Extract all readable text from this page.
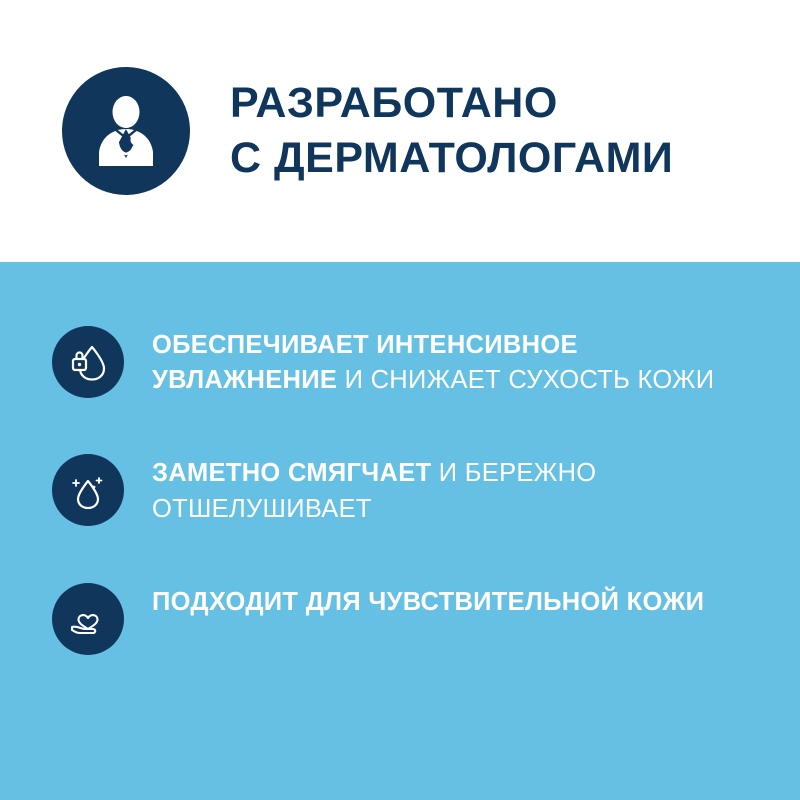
РАЗРАБОТАНО
С ДЕРМАТОЛОГАМИ
ОБЕСПЕЧИВАЕТ ИНТЕНСИВНОЕ УВЛАЖНЕНИЕ И СНИЖАЕТ СУХОСТЬ КОЖИ
ЗАМЕТНО СМЯГЧАЕТ И БЕРЕЖНО ОТШЕЛУШИВАЕТ
ПОДХОДИТ ДЛЯ ЧУВСТВИТЕЛЬНОЙ КОЖИ
